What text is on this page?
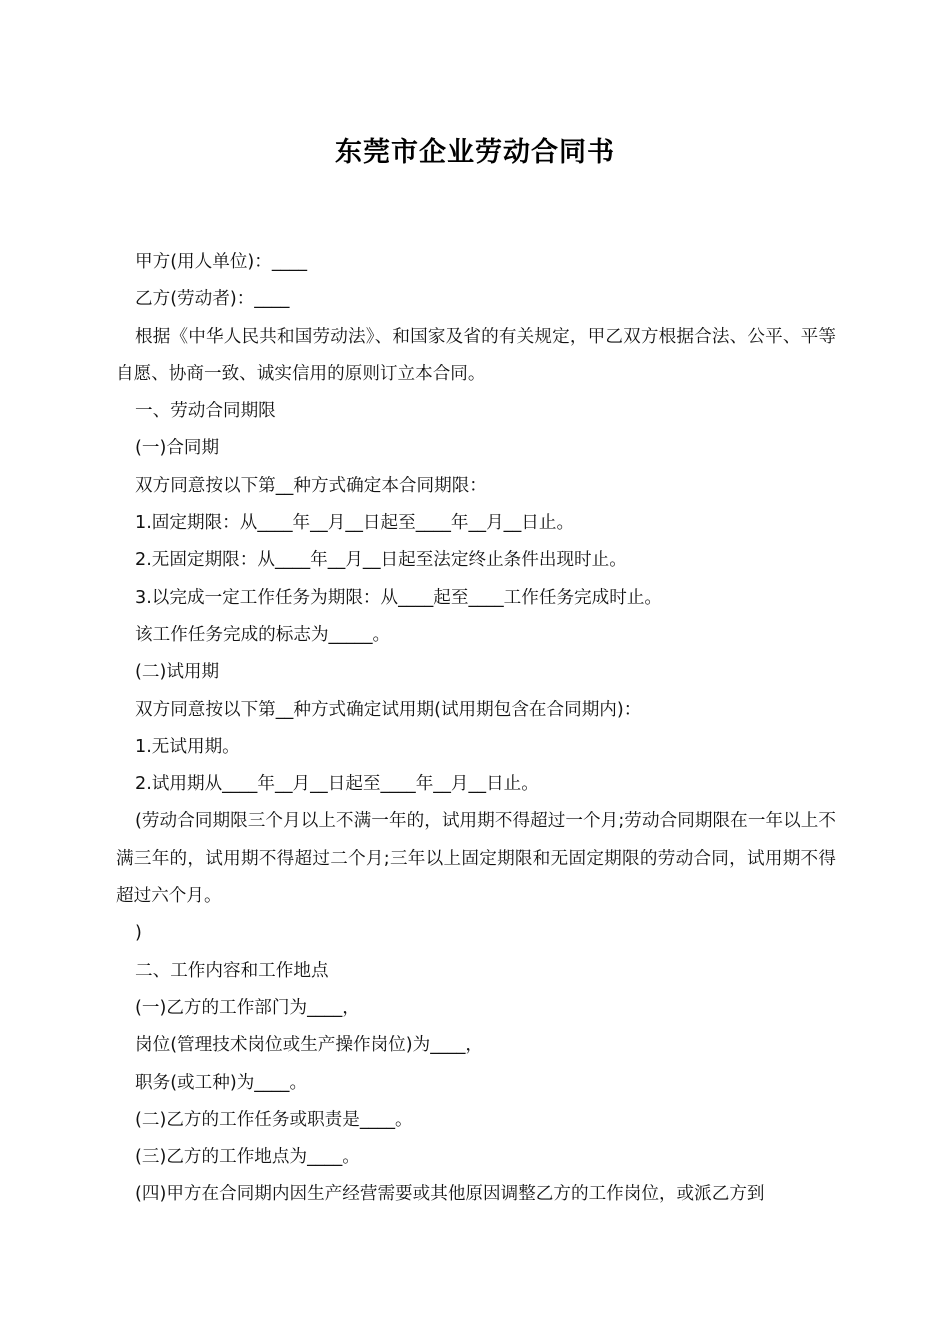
东莞市企业劳动合同书

甲方(用人单位)：____

乙方(劳动者)：____

根据《中华人民共和国劳动法》、和国家及省的有关规定，甲乙双方根据合法、公平、平等自愿、协商一致、诚实信用的原则订立本合同。

一、劳动合同期限

(一)合同期

双方同意按以下第__种方式确定本合同期限：

1.固定期限：从____年__月__日起至____年__月__日止。

2.无固定期限：从____年__月__日起至法定终止条件出现时止。

3.以完成一定工作任务为期限：从____起至____工作任务完成时止。

该工作任务完成的标志为_____。

(二)试用期

双方同意按以下第__种方式确定试用期(试用期包含在合同期内)：

1.无试用期。

2.试用期从____年__月__日起至____年__月__日止。

(劳动合同期限三个月以上不满一年的，试用期不得超过一个月;劳动合同期限在一年以上不满三年的，试用期不得超过二个月;三年以上固定期限和无固定期限的劳动合同，试用期不得超过六个月。

)

二、工作内容和工作地点

(一)乙方的工作部门为____，

岗位(管理技术岗位或生产操作岗位)为____，

职务(或工种)为____。

(二)乙方的工作任务或职责是____。

(三)乙方的工作地点为____。

(四)甲方在合同期内因生产经营需要或其他原因调整乙方的工作岗位，或派乙方到
